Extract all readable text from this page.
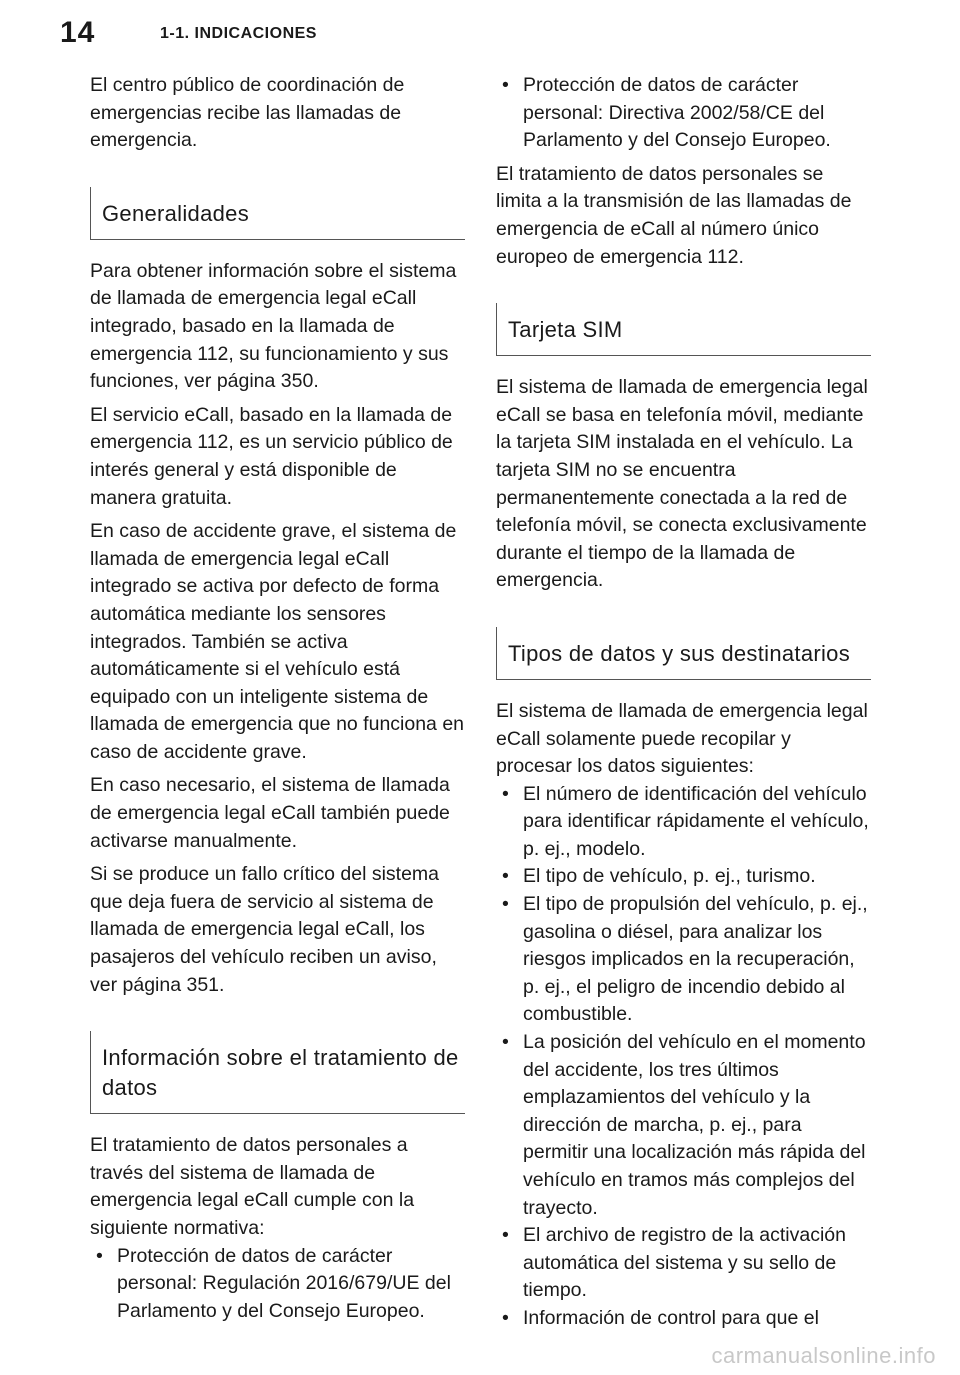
14	1-1. INDICACIONES

El centro público de coordinación de emergencias recibe las llamadas de emergencia.

Generalidades

Para obtener información sobre el sistema de llamada de emergencia legal eCall integrado, basado en la llamada de emergencia 112, su funcionamiento y sus funciones, ver página 350.

El servicio eCall, basado en la llamada de emergencia 112, es un servicio público de interés general y está disponible de manera gratuita.

En caso de accidente grave, el sistema de llamada de emergencia legal eCall integrado se activa por defecto de forma automática mediante los sensores integrados. También se activa automáticamente si el vehículo está equipado con un inteligente sistema de llamada de emergencia que no funciona en caso de accidente grave.

En caso necesario, el sistema de llamada de emergencia legal eCall también puede activarse manualmente.

Si se produce un fallo crítico del sistema que deja fuera de servicio al sistema de llamada de emergencia legal eCall, los pasajeros del vehículo reciben un aviso, ver página 351.

Información sobre el tratamiento de datos

El tratamiento de datos personales a través del sistema de llamada de emergencia legal eCall cumple con la siguiente normativa:

• Protección de datos de carácter personal: Regulación 2016/679/UE del Parlamento y del Consejo Europeo.
• Protección de datos de carácter personal: Directiva 2002/58/CE del Parlamento y del Consejo Europeo.

El tratamiento de datos personales se limita a la transmisión de las llamadas de emergencia de eCall al número único europeo de emergencia 112.

Tarjeta SIM

El sistema de llamada de emergencia legal eCall se basa en telefonía móvil, mediante la tarjeta SIM instalada en el vehículo. La tarjeta SIM no se encuentra permanentemente conectada a la red de telefonía móvil, se conecta exclusivamente durante el tiempo de la llamada de emergencia.

Tipos de datos y sus destinatarios

El sistema de llamada de emergencia legal eCall solamente puede recopilar y procesar los datos siguientes:

• El número de identificación del vehículo para identificar rápidamente el vehículo, p. ej., modelo.
• El tipo de vehículo, p. ej., turismo.
• El tipo de propulsión del vehículo, p. ej., gasolina o diésel, para analizar los riesgos implicados en la recuperación, p. ej., el peligro de incendio debido al combustible.
• La posición del vehículo en el momento del accidente, los tres últimos emplazamientos del vehículo y la dirección de marcha, p. ej., para permitir una localización más rápida del vehículo en tramos más complejos del trayecto.
• El archivo de registro de la activación automática del sistema y su sello de tiempo.
• Información de control para que el
carmanualsonline.info
